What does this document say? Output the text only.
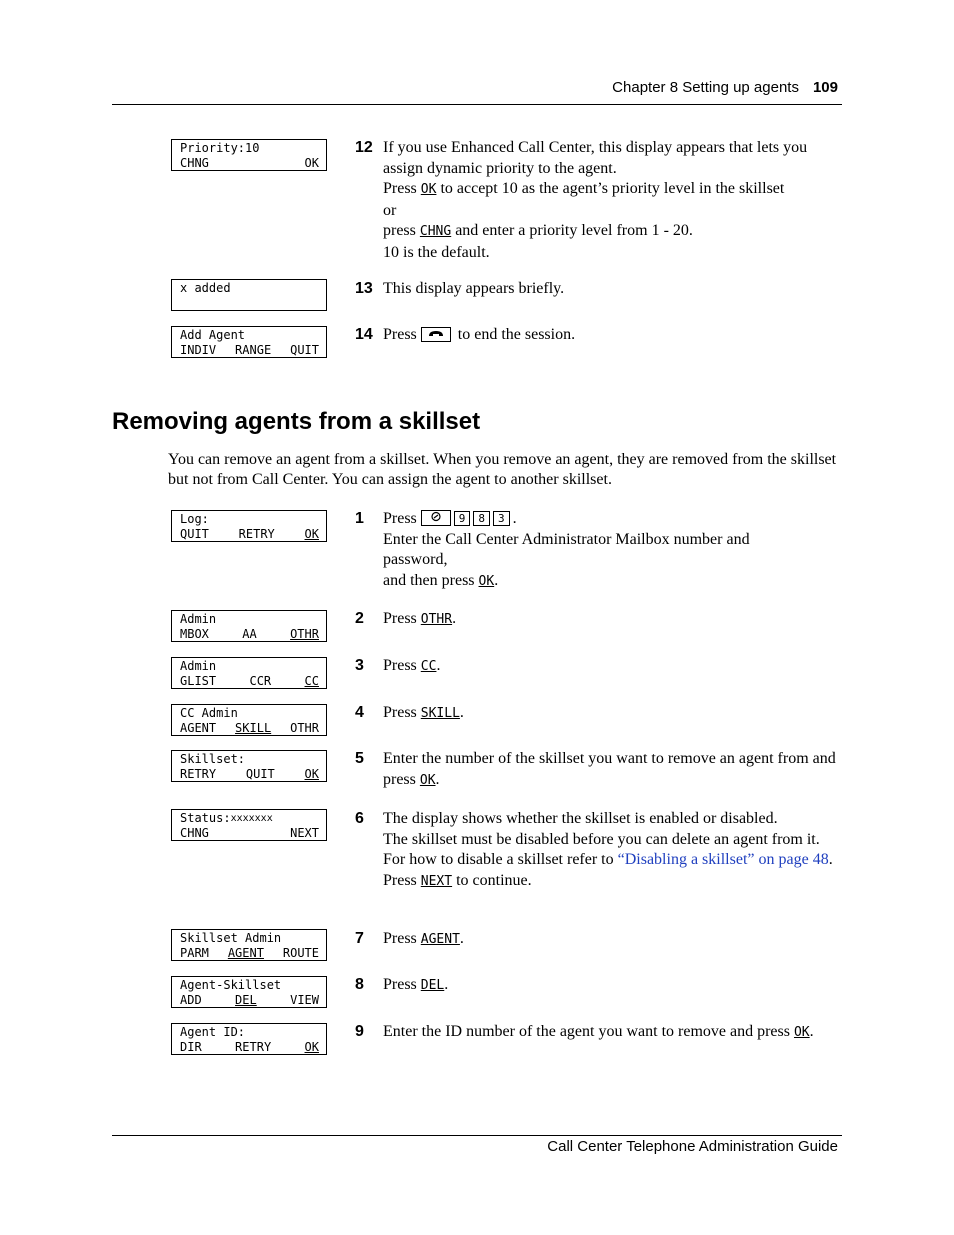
Chapter 8 Setting up agents 109
Priority:10
CHNG	OK
x added
Add Agent
INDIV RANGE QUIT
12 If you use Enhanced Call Center, this display appears that lets you assign dynamic priority to the agent.
Press OK to accept 10 as the agent’s priority level in the skillset
or
press CHNG and enter a priority level from 1 - 20.
10 is the default.
13 This display appears briefly.
14 Press	to end the session.
Removing agents from a skillset
You can remove an agent from a skillset. When you remove an agent, they are removed from the skillset but not from Call Center. You can assign the agent to another skillset.
Log:
QUIT RETRY OK
Admin
MBOX	AA	OTHR
Admin
GLIST	CCR	CC
CC Admin
AGENT SKILL OTHR
Skillset:
RETRY QUIT OK
Status: xxxxxxx
CHNG	NEXT
Skillset Admin
PARM AGENT ROUTE
Agent-Skillset
ADD	DEL	VIEW
Agent ID:
DIR	RETRY	OK
1 Press	9 8 3 .
Enter the Call Center Administrator Mailbox number and password,
and then press OK.
2 Press OTHR.
3 Press CC.
4 Press SKILL.
5 Enter the number of the skillset you want to remove an agent from and press OK.
6 The display shows whether the skillset is enabled or disabled.
The skillset must be disabled before you can delete an agent from it. For how to disable a skillset refer to “Disabling a skillset” on page 48.
Press NEXT to continue.
7 Press AGENT.
8 Press DEL.
9 Enter the ID number of the agent you want to remove and press OK.
Call Center Telephone Administration Guide
